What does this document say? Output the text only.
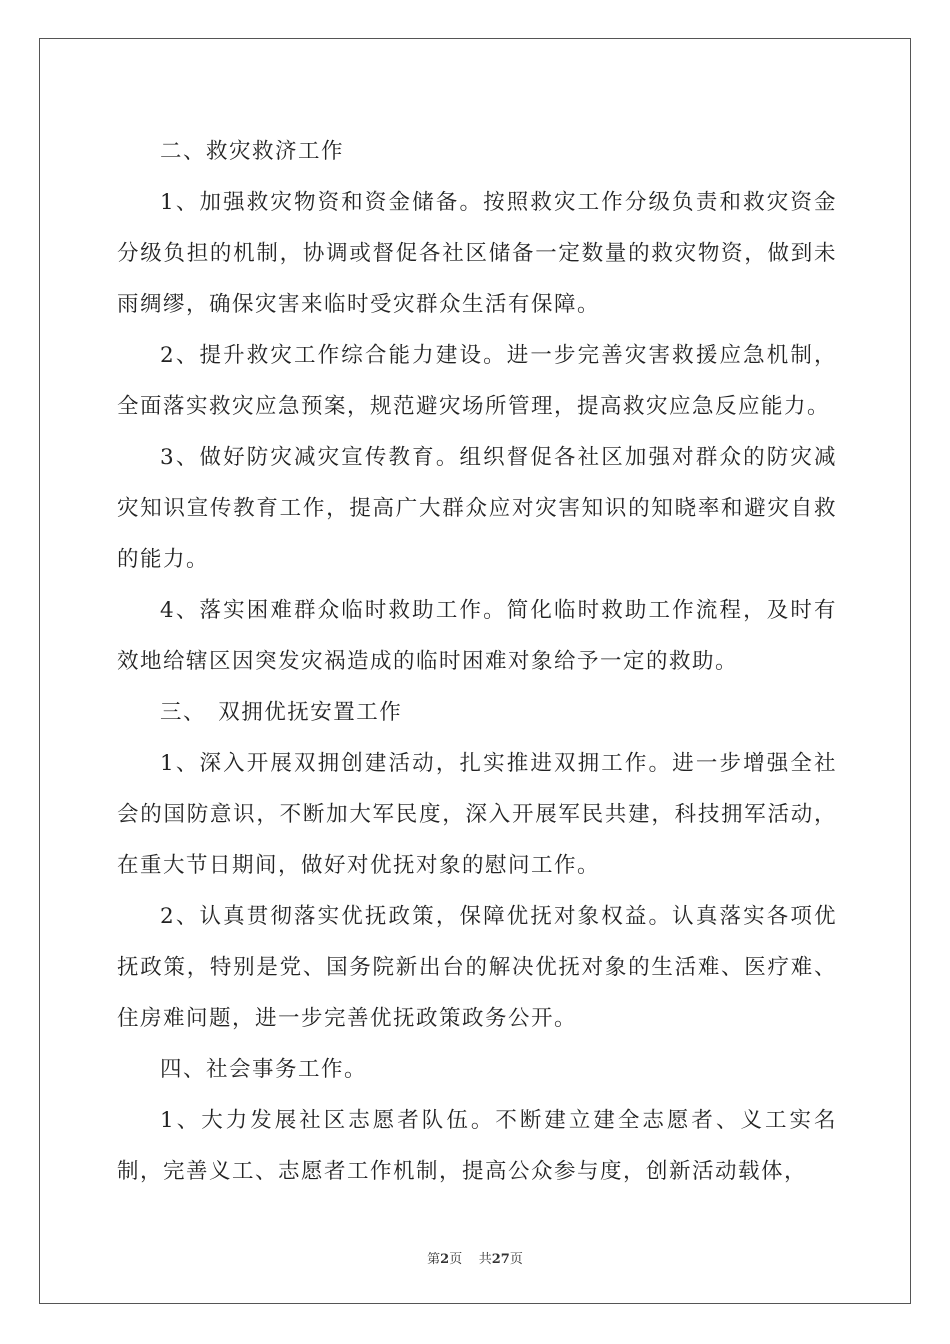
二、救灾救济工作

1、加强救灾物资和资金储备。按照救灾工作分级负责和救灾资金分级负担的机制，协调或督促各社区储备一定数量的救灾物资，做到未雨绸缪，确保灾害来临时受灾群众生活有保障。

2、提升救灾工作综合能力建设。进一步完善灾害救援应急机制，全面落实救灾应急预案，规范避灾场所管理，提高救灾应急反应能力。

3、做好防灾减灾宣传教育。组织督促各社区加强对群众的防灾减灾知识宣传教育工作，提高广大群众应对灾害知识的知晓率和避灾自救的能力。

4、落实困难群众临时救助工作。简化临时救助工作流程，及时有效地给辖区因突发灾祸造成的临时困难对象给予一定的救助。

三、　双拥优抚安置工作

1、深入开展双拥创建活动，扎实推进双拥工作。进一步增强全社会的国防意识，不断加大军民度，深入开展军民共建，科技拥军活动，在重大节日期间，做好对优抚对象的慰问工作。

2、认真贯彻落实优抚政策，保障优抚对象权益。认真落实各项优抚政策，特别是党、国务院新出台的解决优抚对象的生活难、医疗难、住房难问题，进一步完善优抚政策政务公开。

四、社会事务工作。

1、大力发展社区志愿者队伍。不断建立建全志愿者、义工实名制，完善义工、志愿者工作机制，提高公众参与度，创新活动载体，

第2页 共27页
